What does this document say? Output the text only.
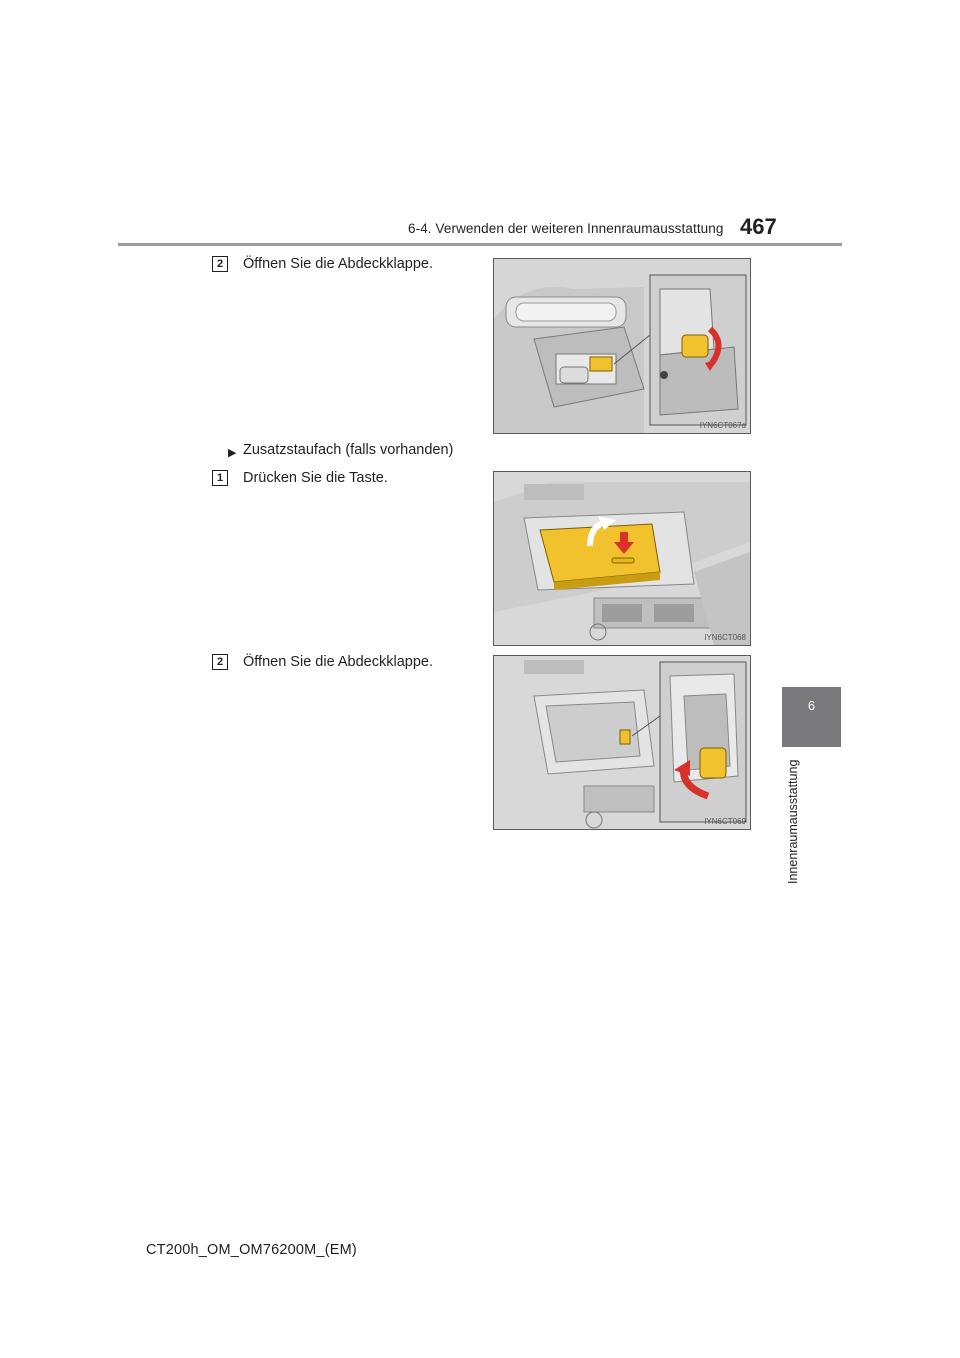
6-4. Verwenden der weiteren Innenraumausstattung 467
6
Innenraumausstattung
2	Öffnen Sie die Abdeckklappe.
IYN6CT067a
▶ Zusatzstaufach (falls vorhanden)
1	Drücken Sie die Taste.
IYN6CT068
2	Öffnen Sie die Abdeckklappe.
IYN6CT069
CT200h_OM_OM76200M_(EM)
